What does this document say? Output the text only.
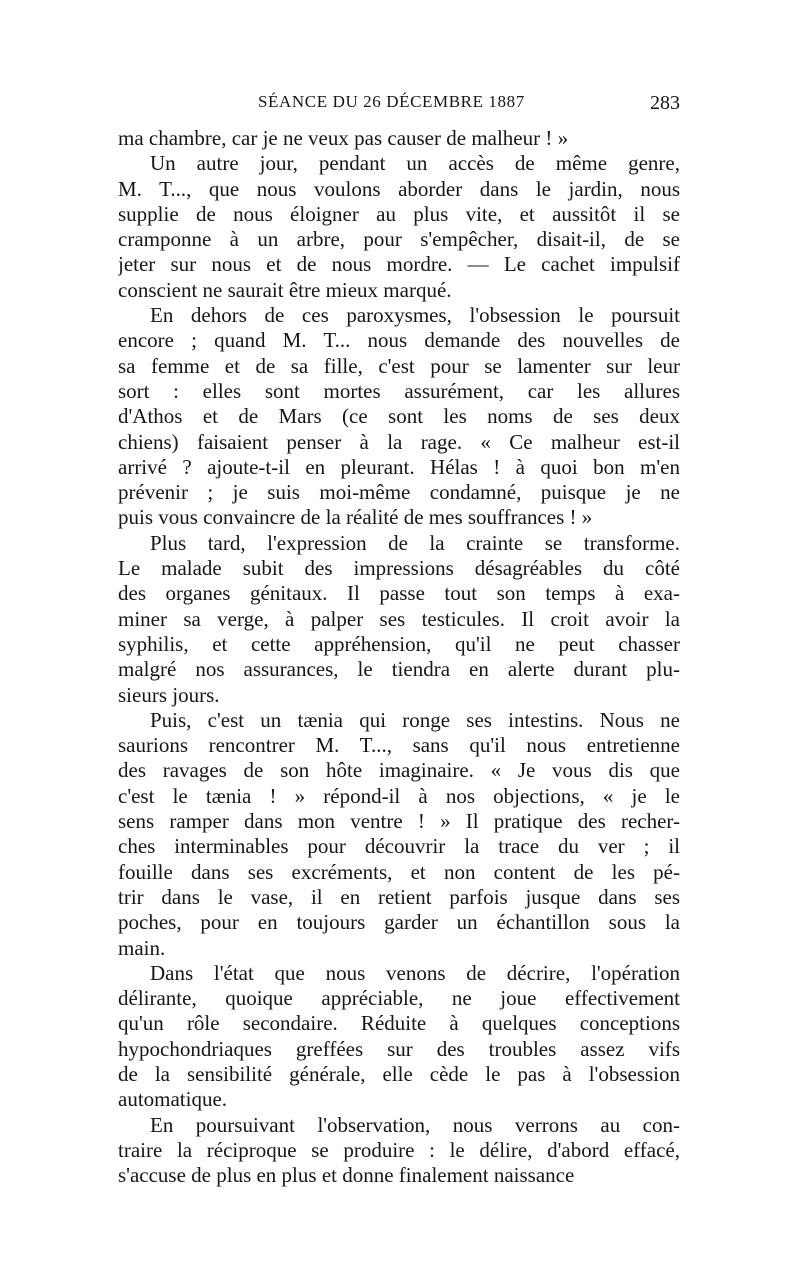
SÉANCE DU 26 DÉCEMBRE 1887	283

ma chambre, car je ne veux pas causer de malheur ! »

Un autre jour, pendant un accès de même genre,
M. T..., que nous voulons aborder dans le jardin, nous
supplie de nous éloigner au plus vite, et aussitôt il se
cramponne à un arbre, pour s'empêcher, disait-il, de se
jeter sur nous et de nous mordre. — Le cachet impulsif
conscient ne saurait être mieux marqué.

En dehors de ces paroxysmes, l'obsession le poursuit
encore ; quand M. T... nous demande des nouvelles de
sa femme et de sa fille, c'est pour se lamenter sur leur
sort : elles sont mortes assurément, car les allures
d'Athos et de Mars (ce sont les noms de ses deux
chiens) faisaient penser à la rage. « Ce malheur est-il
arrivé ? ajoute-t-il en pleurant. Hélas ! à quoi bon m'en
prévenir ; je suis moi-même condamné, puisque je ne
puis vous convaincre de la réalité de mes souffrances ! »

Plus tard, l'expression de la crainte se transforme.
Le malade subit des impressions désagréables du côté
des organes génitaux. Il passe tout son temps à exa-
miner sa verge, à palper ses testicules. Il croit avoir la
syphilis, et cette appréhension, qu'il ne peut chasser
malgré nos assurances, le tiendra en alerte durant plu-
sieurs jours.

Puis, c'est un tænia qui ronge ses intestins. Nous ne
saurions rencontrer M. T..., sans qu'il nous entretienne
des ravages de son hôte imaginaire. « Je vous dis que
c'est le tænia ! » répond-il à nos objections, « je le
sens ramper dans mon ventre ! » Il pratique des recher-
ches interminables pour découvrir la trace du ver ; il
fouille dans ses excréments, et non content de les pé-
trir dans le vase, il en retient parfois jusque dans ses
poches, pour en toujours garder un échantillon sous la
main.

Dans l'état que nous venons de décrire, l'opération
délirante, quoique appréciable, ne joue effectivement
qu'un rôle secondaire. Réduite à quelques conceptions
hypochondriaques greffées sur des troubles assez vifs
de la sensibilité générale, elle cède le pas à l'obsession
automatique.

En poursuivant l'observation, nous verrons au con-
traire la réciproque se produire : le délire, d'abord effacé,
s'accuse de plus en plus et donne finalement naissance
